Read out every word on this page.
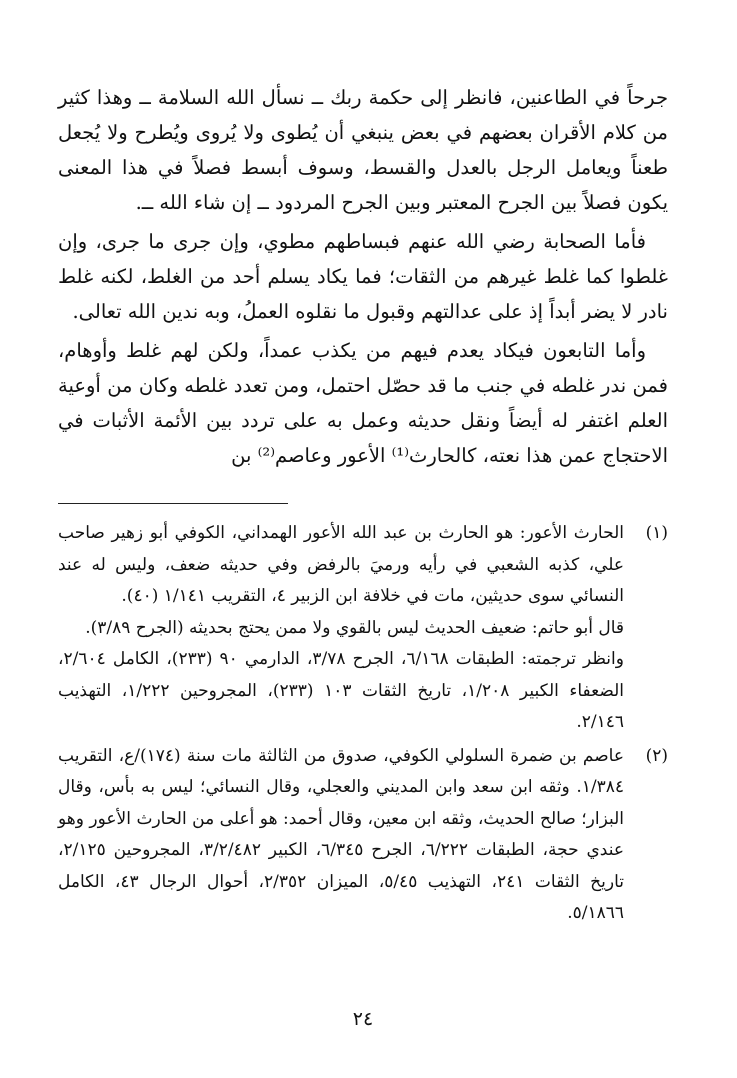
جرحاً في الطاعنين، فانظر إلى حكمة ربك ــ نسأل الله السلامة ــ وهذا كثير من كلام الأقران بعضهم في بعض ينبغي أن يُطوى ولا يُروى ويُطرح ولا يُجعل طعناً ويعامل الرجل بالعدل والقسط، وسوف أبسط فصلاً في هذا المعنى يكون فصلاً بين الجرح المعتبر وبين الجرح المردود ــ إن شاء الله ــ.

فأما الصحابة رضي الله عنهم فبساطهم مطوي، وإن جرى ما جرى، وإن غلطوا كما غلط غيرهم من الثقات؛ فما يكاد يسلم أحد من الغلط، لكنه غلط نادر لا يضر أبداً إذ على عدالتهم وقبول ما نقلوه العملُ، وبه ندين الله تعالى.

وأما التابعون فيكاد يعدم فيهم من يكذب عمداً، ولكن لهم غلط وأوهام، فمن ندر غلطه في جنب ما قد حصّل احتمل، ومن تعدد غلطه وكان من أوعية العلم اغتفر له أيضاً ونقل حديثه وعمل به على تردد بين الأئمة الأثبات في الاحتجاج عمن هذا نعته، كالحارث⁽¹⁾ الأعور وعاصم⁽²⁾ بن

(١)

الحارث الأعور: هو الحارث بن عبد الله الأعور الهمداني، الكوفي أبو زهير صاحب علي، كذبه الشعبي في رأيه ورميَ بالرفض وفي حديثه ضعف، وليس له عند النسائي سوى حديثين، مات في خلافة ابن الزبير ٤، التقريب ١/١٤١ (٤٠).

قال أبو حاتم: ضعيف الحديث ليس بالقوي ولا ممن يحتج بحديثه (الجرح ٣/٨٩).

وانظر ترجمته: الطبقات ٦/١٦٨، الجرح ٣/٧٨، الدارمي ٩٠ (٢٣٣)، الكامل ٢/٦٠٤، الضعفاء الكبير ١/٢٠٨، تاريخ الثقات ١٠٣ (٢٣٣)، المجروحين ١/٢٢٢، التهذيب ٢/١٤٦.

(٢)

عاصم بن ضمرة السلولي الكوفي، صدوق من الثالثة مات سنة (١٧٤)/ع، التقريب ١/٣٨٤. وثقه ابن سعد وابن المديني والعجلي، وقال النسائي؛ ليس به بأس، وقال البزار؛ صالح الحديث، وثقه ابن معين، وقال أحمد: هو أعلى من الحارث الأعور وهو عندي حجة، الطبقات ٦/٢٢٢، الجرح ٦/٣٤٥، الكبير ٣/٢/٤٨٢، المجروحين ٢/١٢٥، تاريخ الثقات ٢٤١، التهذيب ٥/٤٥، الميزان ٢/٣٥٢، أحوال الرجال ٤٣، الكامل ٥/١٨٦٦.

٢٤
